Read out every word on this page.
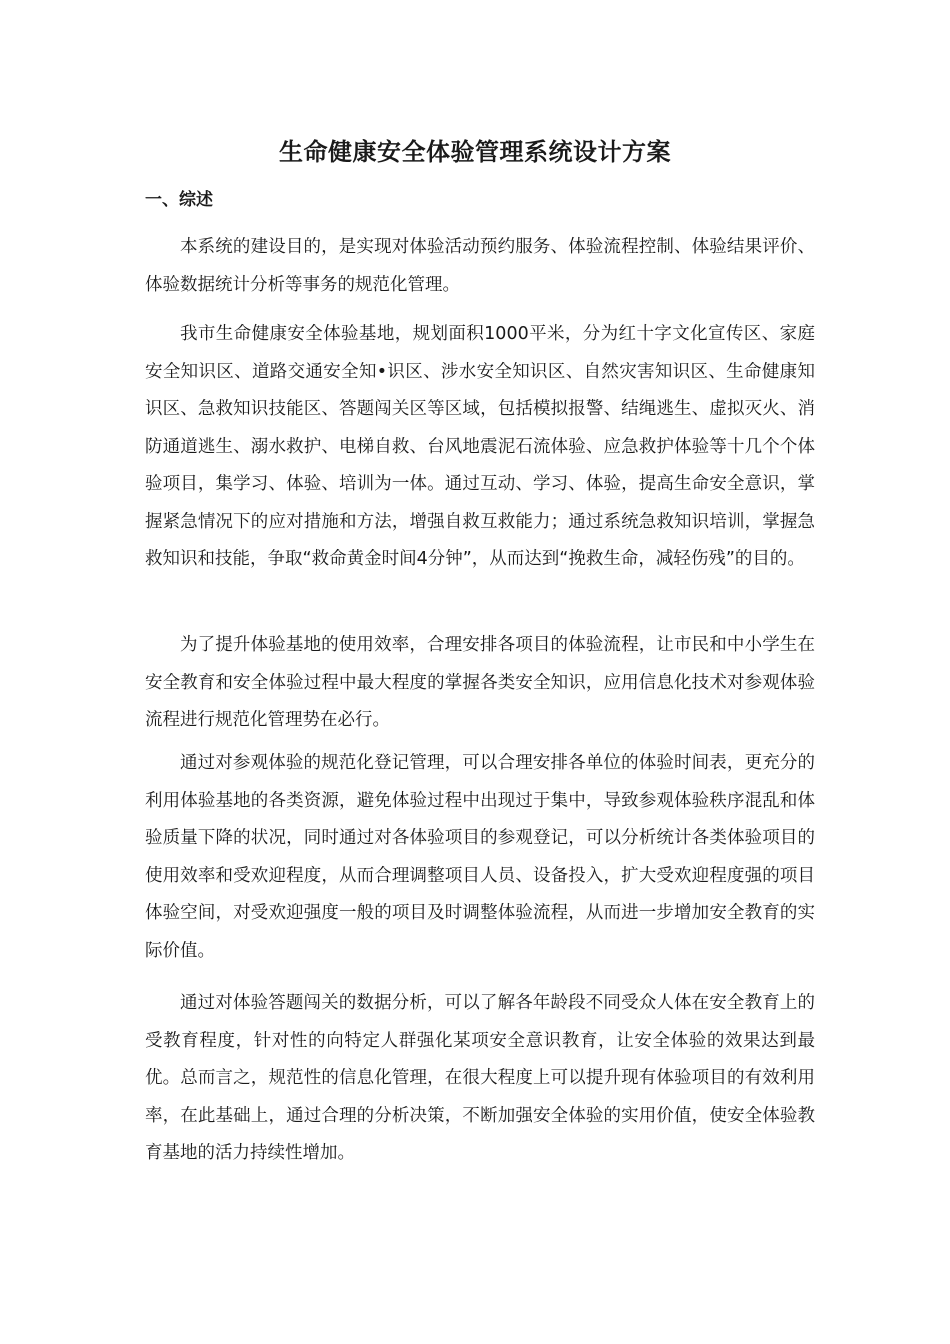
生命健康安全体验管理系统设计方案
一、综述

本系统的建设目的，是实现对体验活动预约服务、体验流程控制、体验结果评价、体验数据统计分析等事务的规范化管理。

我市生命健康安全体验基地，规划面积1000平米，分为红十字文化宣传区、家庭安全知识区、道路交通安全知•识区、涉水安全知识区、自然灾害知识区、生命健康知识区、急救知识技能区、答题闯关区等区域，包括模拟报警、结绳逃生、虚拟灭火、消防通道逃生、溺水救护、电梯自救、台风地震泥石流体验、应急救护体验等十几个个体验项目，集学习、体验、培训为一体。通过互动、学习、体验，提高生命安全意识，掌握紧急情况下的应对措施和方法，增强自救互救能力；通过系统急救知识培训，掌握急救知识和技能，争取“救命黄金时间4分钟”，从而达到“挽救生命，减轻伤残”的目的。

为了提升体验基地的使用效率，合理安排各项目的体验流程，让市民和中小学生在安全教育和安全体验过程中最大程度的掌握各类安全知识，应用信息化技术对参观体验流程进行规范化管理势在必行。

通过对参观体验的规范化登记管理，可以合理安排各单位的体验时间表，更充分的利用体验基地的各类资源，避免体验过程中出现过于集中，导致参观体验秩序混乱和体验质量下降的状况，同时通过对各体验项目的参观登记，可以分析统计各类体验项目的使用效率和受欢迎程度，从而合理调整项目人员、设备投入，扩大受欢迎程度强的项目体验空间，对受欢迎强度一般的项目及时调整体验流程，从而进一步增加安全教育的实际价值。

通过对体验答题闯关的数据分析，可以了解各年龄段不同受众人体在安全教育上的受教育程度，针对性的向特定人群强化某项安全意识教育，让安全体验的效果达到最优。总而言之，规范性的信息化管理，在很大程度上可以提升现有体验项目的有效利用率，在此基础上，通过合理的分析决策，不断加强安全体验的实用价值，使安全体验教育基地的活力持续性增加。
